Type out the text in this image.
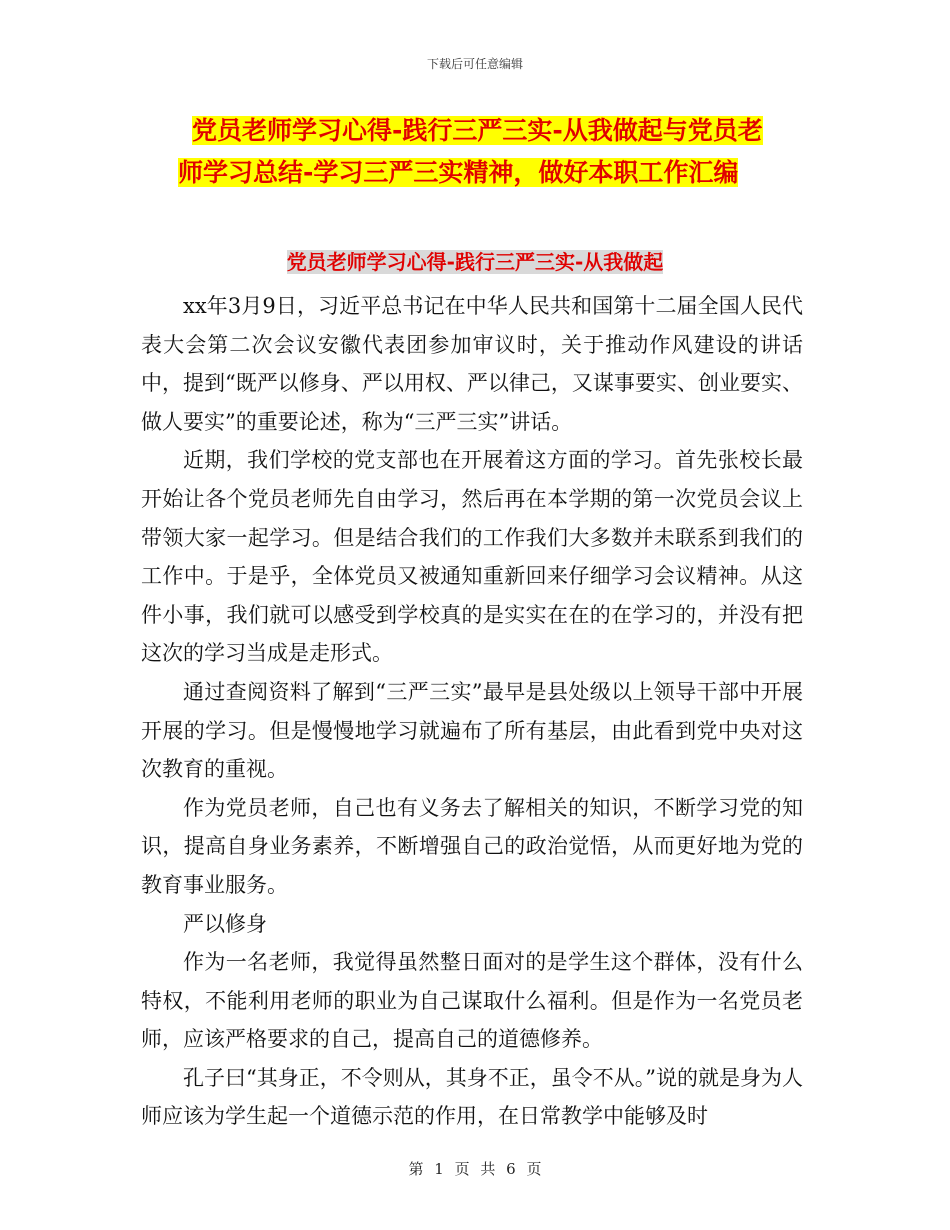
下载后可任意编辑
党员老师学习心得-践行三严三实-从我做起与党员老
师学习总结-学习三严三实精神，做好本职工作汇编
党员老师学习心得-践行三严三实-从我做起

xx年3月9日，习近平总书记在中华人民共和国第十二届全国人民代表大会第二次会议安徽代表团参加审议时，关于推动作风建设的讲话中，提到“既严以修身、严以用权、严以律己，又谋事要实、创业要实、做人要实”的重要论述，称为“三严三实”讲话。

近期，我们学校的党支部也在开展着这方面的学习。首先张校长最开始让各个党员老师先自由学习，然后再在本学期的第一次党员会议上带领大家一起学习。但是结合我们的工作我们大多数并未联系到我们的工作中。于是乎，全体党员又被通知重新回来仔细学习会议精神。从这件小事，我们就可以感受到学校真的是实实在在的在学习的，并没有把这次的学习当成是走形式。

通过查阅资料了解到“三严三实”最早是县处级以上领导干部中开展开展的学习。但是慢慢地学习就遍布了所有基层，由此看到党中央对这次教育的重视。

作为党员老师，自己也有义务去了解相关的知识，不断学习党的知识，提高自身业务素养，不断增强自己的政治觉悟，从而更好地为党的教育事业服务。

严以修身

作为一名老师，我觉得虽然整日面对的是学生这个群体，没有什么特权，不能利用老师的职业为自己谋取什么福利。但是作为一名党员老师，应该严格要求的自己，提高自己的道德修养。

孔子曰“其身正，不令则从，其身不正，虽令不从。”说的就是身为人师应该为学生起一个道德示范的作用，在日常教学中能够及时

第 1 页 共 6 页
